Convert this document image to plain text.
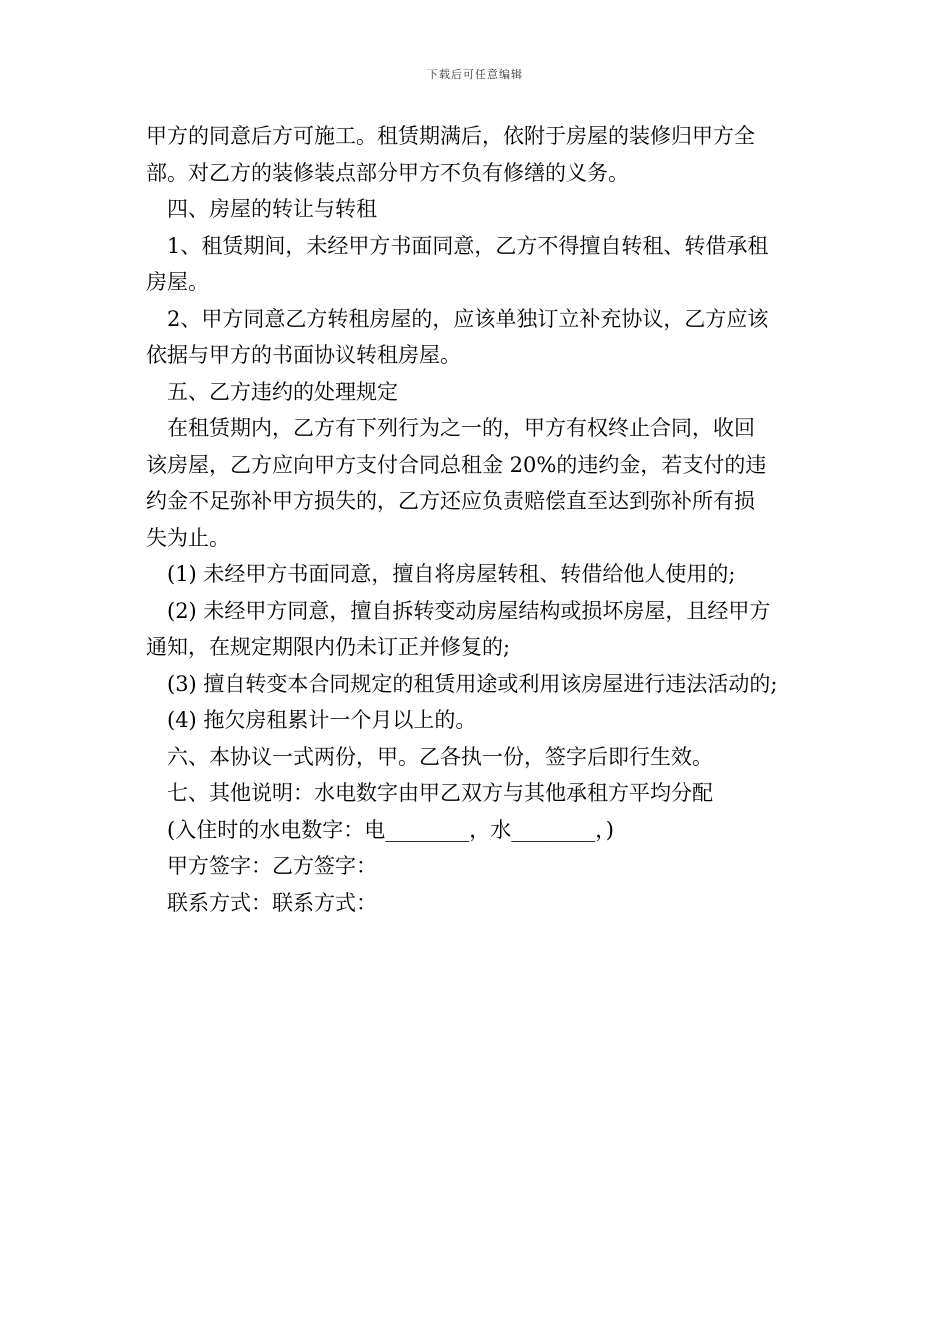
下载后可任意编辑
甲方的同意后方可施工。租赁期满后，依附于房屋的装修归甲方全
部。对乙方的装修装点部分甲方不负有修缮的义务。
四、房屋的转让与转租
1、租赁期间，未经甲方书面同意，乙方不得擅自转租、转借承租
房屋。
2、甲方同意乙方转租房屋的，应该单独订立补充协议，乙方应该
依据与甲方的书面协议转租房屋。
五、乙方违约的处理规定
在租赁期内，乙方有下列行为之一的，甲方有权终止合同，收回
该房屋，乙方应向甲方支付合同总租金 20%的违约金，若支付的违
约金不足弥补甲方损失的，乙方还应负责赔偿直至达到弥补所有损
失为止。
(1) 未经甲方书面同意，擅自将房屋转租、转借给他人使用的;
(2) 未经甲方同意，擅自拆转变动房屋结构或损坏房屋，且经甲方
通知，在规定期限内仍未订正并修复的;
(3) 擅自转变本合同规定的租赁用途或利用该房屋进行违法活动的;
(4) 拖欠房租累计一个月以上的。
六、本协议一式两份，甲。乙各执一份，签字后即行生效。
七、其他说明：水电数字由甲乙双方与其他承租方平均分配
(入住时的水电数字：电________，水________，)
甲方签字：乙方签字：
联系方式：联系方式：
